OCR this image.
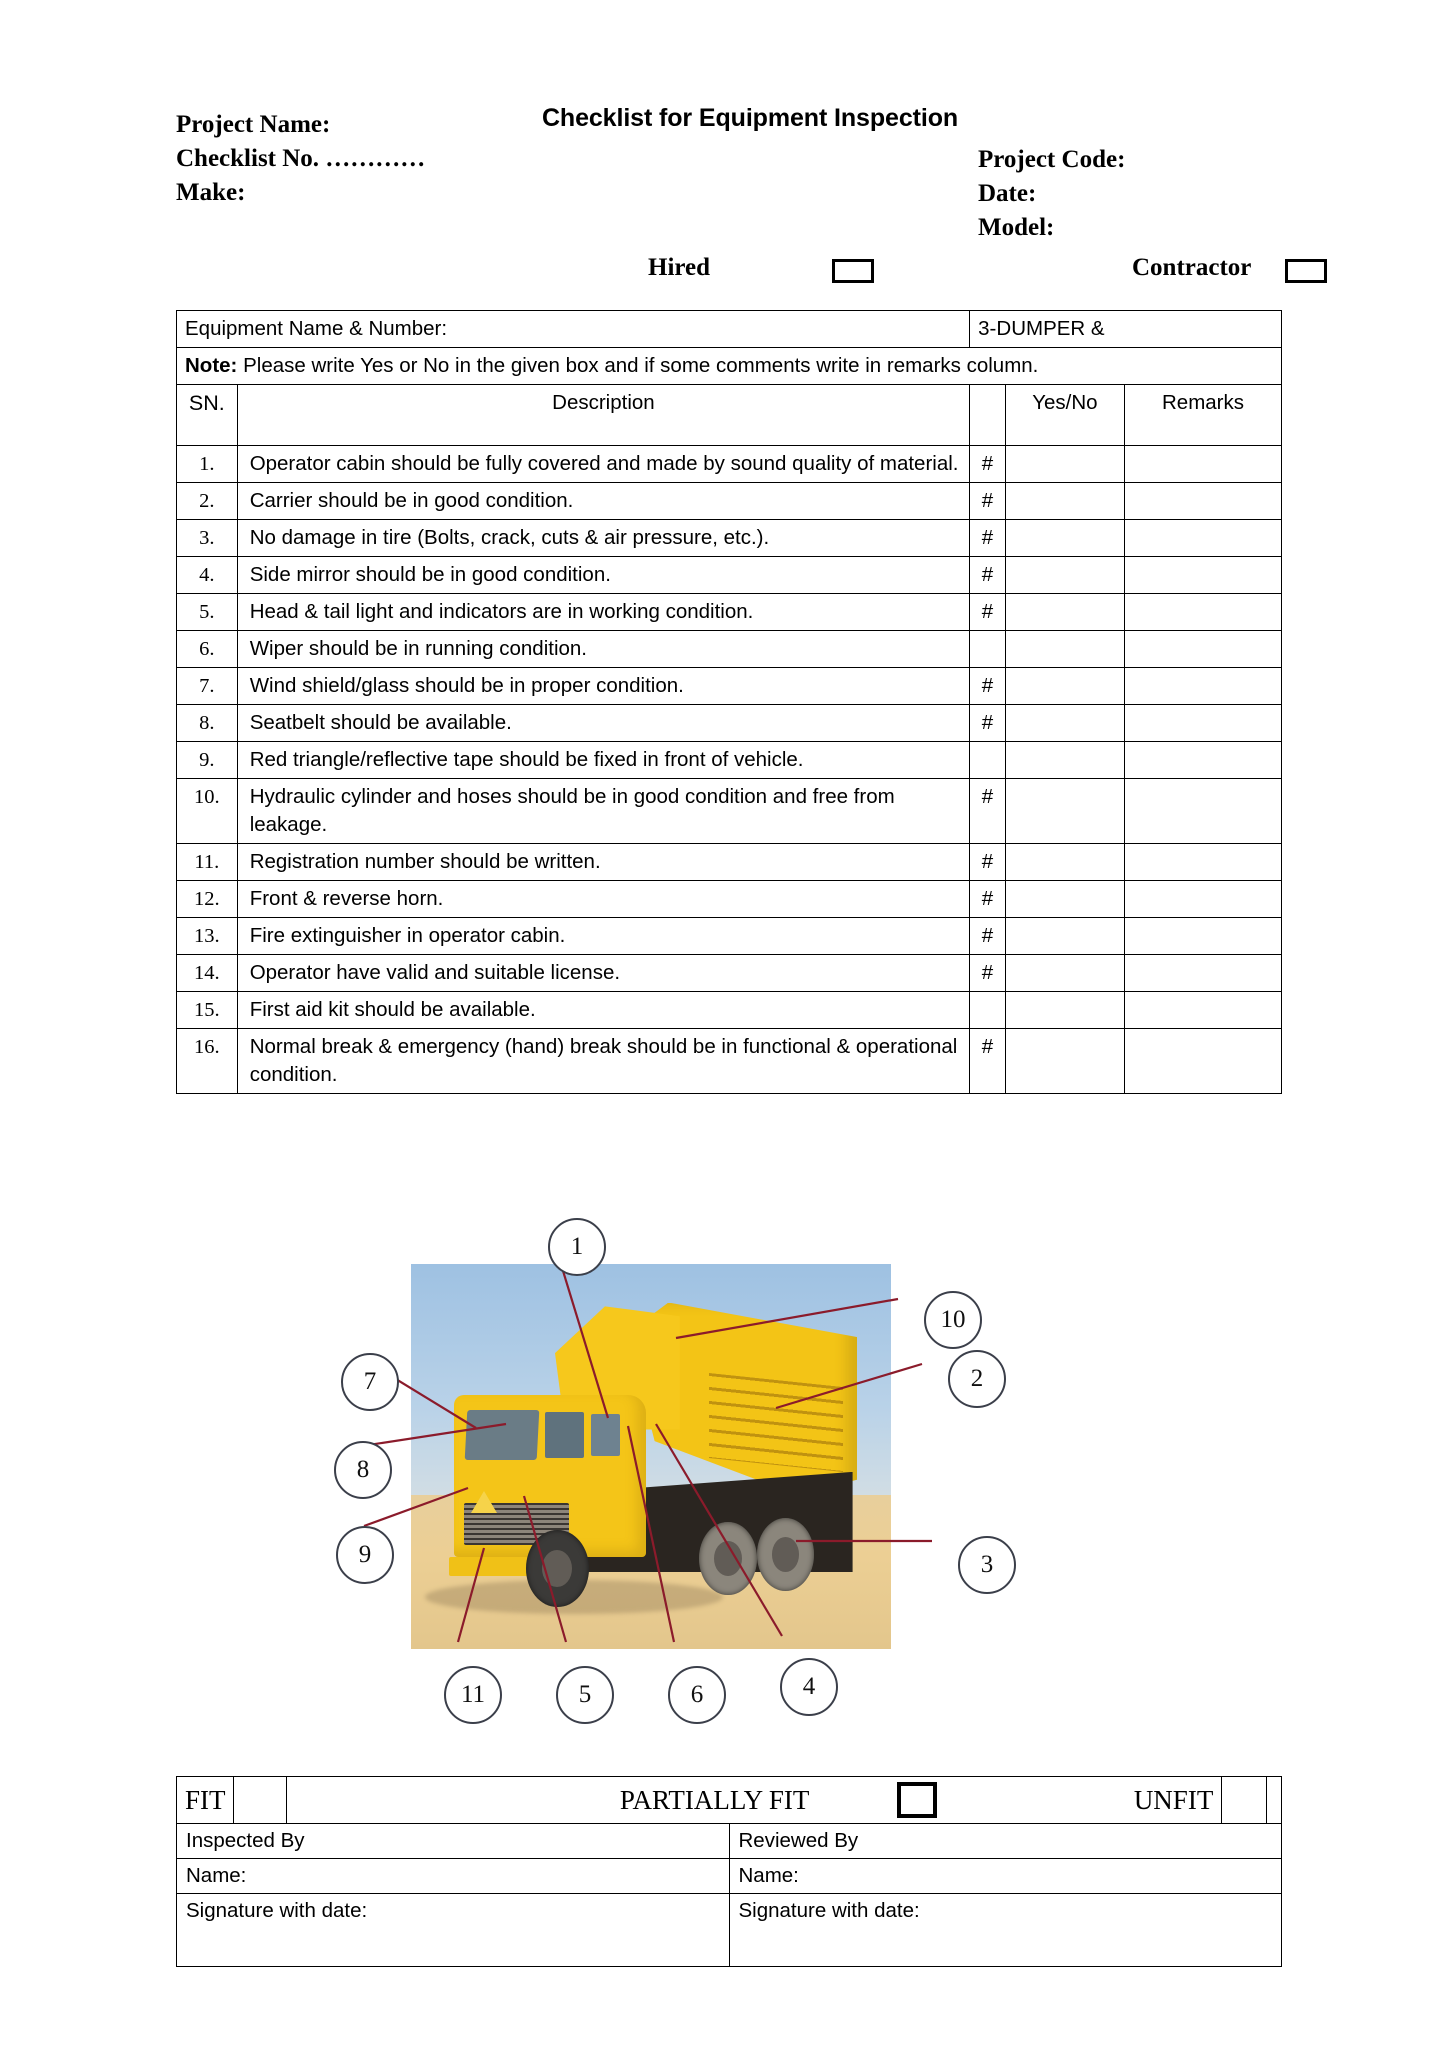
Project Name:
Checklist No. …………
Make:
Checklist for Equipment Inspection
Project Code:
Date:
Model:
Hired	Contractor
Equipment Name & Number:		3-DUMPER &		
Note: Please write Yes or No in the given box and if some comments write in remarks column.				
SN.	Description		Yes/No	Remarks
1.	Operator cabin should be fully covered and made by sound quality of material.	#		
2.	Carrier should be in good condition.	#		
3.	No damage in tire (Bolts, crack, cuts & air pressure, etc.).	#		
4.	Side mirror should be in good condition.	#		
5.	Head & tail light and indicators are in working condition.	#		
6.	Wiper should be in running condition.			
7.	Wind shield/glass should be in proper condition.	#		
8.	Seatbelt should be available.	#		
9.	Red triangle/reflective tape should be fixed in front of vehicle.			
10.	Hydraulic cylinder and hoses should be in good condition and free from leakage.	#		
11.	Registration number should be written.	#		
12.	Front & reverse horn.	#		
13.	Fire extinguisher in operator cabin.	#		
14.	Operator have valid and suitable license.	#		
15.	First aid kit should be available.			
16.	Normal break & emergency (hand) break should be in functional & operational condition.	#		
1
10
2
7
8
9	3
11	5	6	4
FIT		PARTIALLY FIT	UNFIT

Inspected By	Reviewed By
Name:	Name:
Signature with date:	Signature with date:
